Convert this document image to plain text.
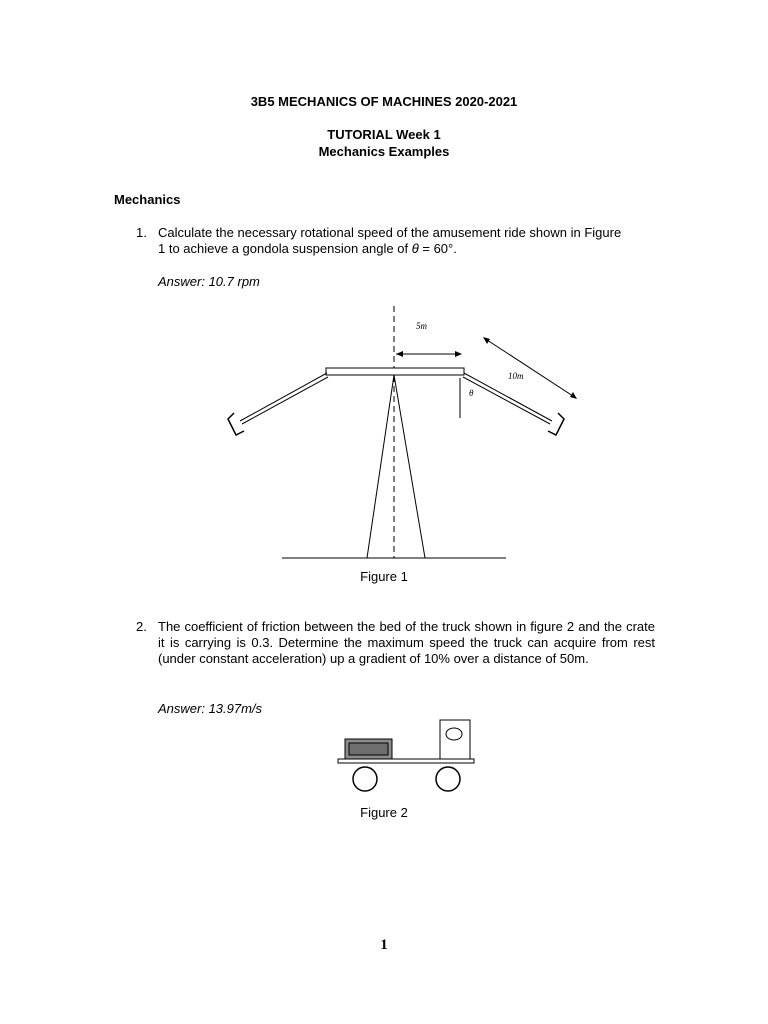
3B5 MECHANICS OF MACHINES 2020-2021
TUTORIAL Week 1
Mechanics Examples
Mechanics
1. Calculate the necessary rotational speed of the amusement ride shown in Figure
1 to achieve a gondola suspension angle of θ = 60°.
Answer: 10.7 rpm
5m
10m
θ
Figure 1
2. The coefficient of friction between the bed of the truck shown in figure 2 and the crate it is carrying is 0.3. Determine the maximum speed the truck can acquire from rest (under constant acceleration) up a gradient of 10% over a distance of 50m.
Answer: 13.97m/s
Figure 2
1
